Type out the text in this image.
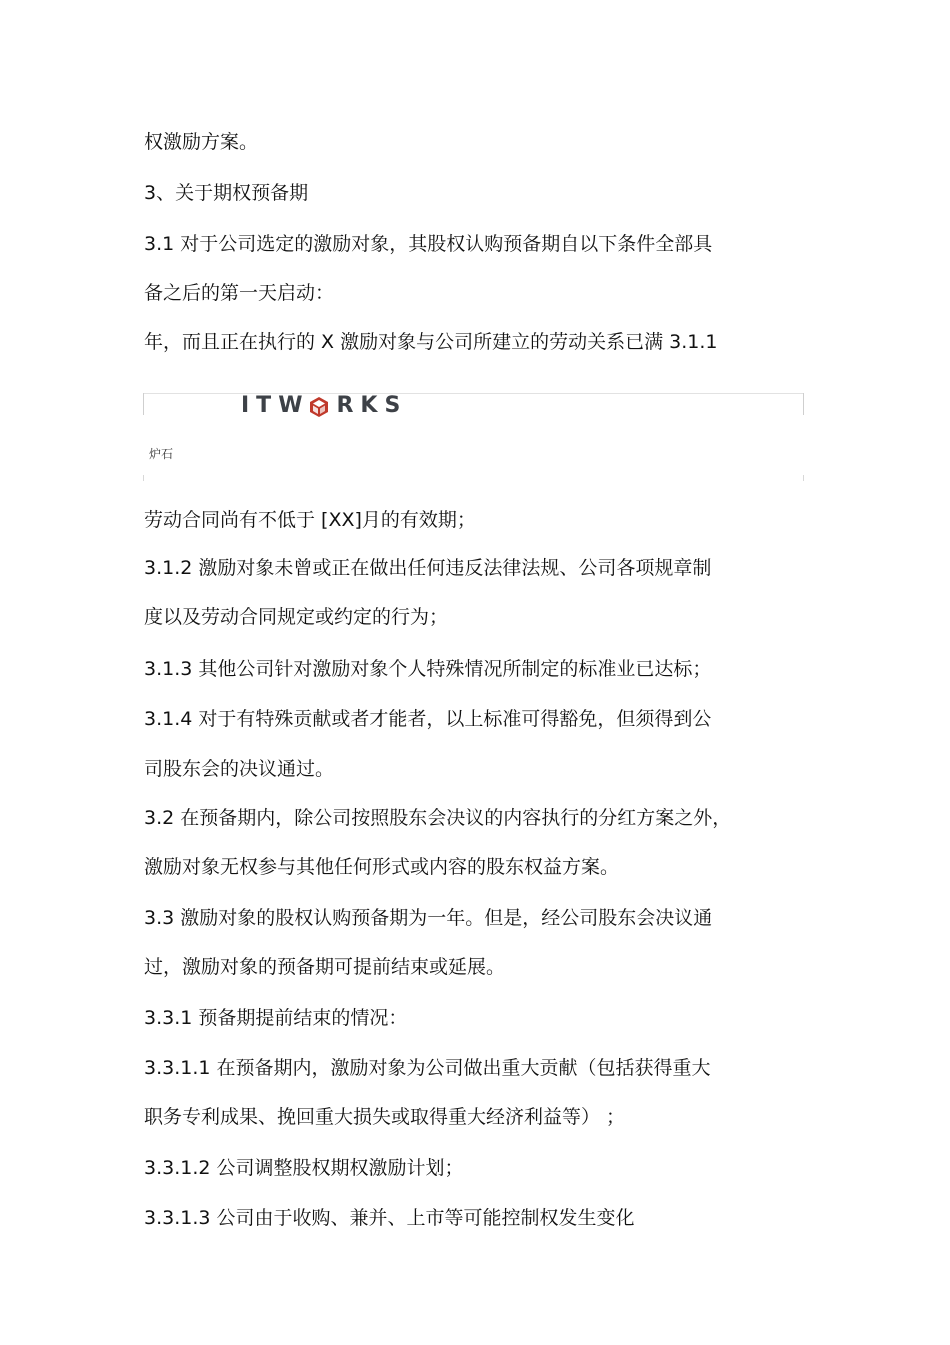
权激励方案。

3、关于期权预备期

3.1 对于公司选定的激励对象，其股权认购预备期自以下条件全部具

备之后的第一天启动：

年，而且正在执行的 X 激励对象与公司所建立的劳动关系已满 3.1.1

ITW RKS
炉石

劳动合同尚有不低于 [XX]月的有效期；

3.1.2 激励对象未曾或正在做出任何违反法律法规、公司各项规章制

度以及劳动合同规定或约定的行为；

3.1.3 其他公司针对激励对象个人特殊情况所制定的标准业已达标；

3.1.4 对于有特殊贡献或者才能者，以上标准可得豁免，但须得到公

司股东会的决议通过。

3.2 在预备期内，除公司按照股东会决议的内容执行的分红方案之外，

激励对象无权参与其他任何形式或内容的股东权益方案。

3.3 激励对象的股权认购预备期为一年。但是，经公司股东会决议通

过，激励对象的预备期可提前结束或延展。

3.3.1 预备期提前结束的情况：

3.3.1.1 在预备期内，激励对象为公司做出重大贡献（包括获得重大

职务专利成果、挽回重大损失或取得重大经济利益等） ；

3.3.1.2 公司调整股权期权激励计划；

3.3.1.3 公司由于收购、兼并、上市等可能控制权发生变化
